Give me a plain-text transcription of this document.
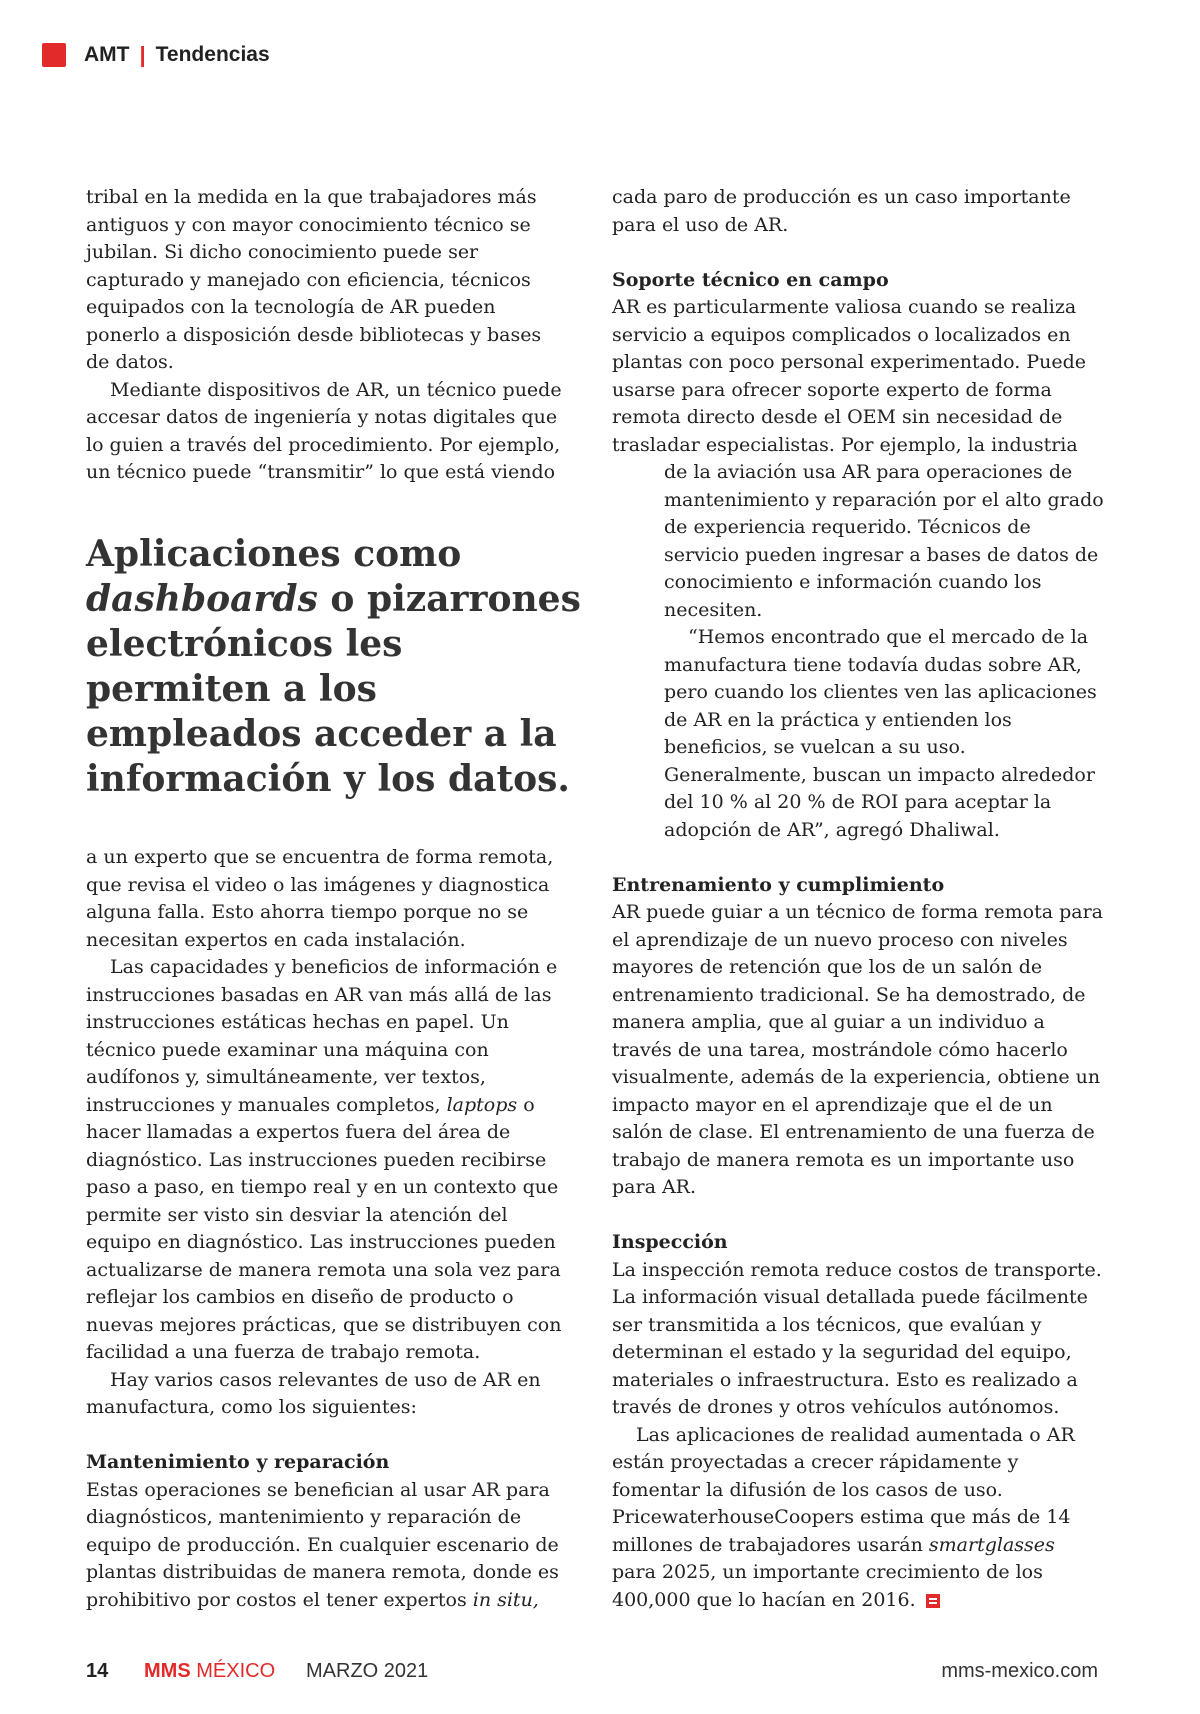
AMT | Tendencias

tribal en la medida en la que trabajadores más antiguos y con mayor conocimiento técnico se jubilan. Si dicho conocimiento puede ser capturado y manejado con eficiencia, técnicos equipados con la tecnología de AR pueden ponerlo a disposición desde bibliotecas y bases de datos.

Mediante dispositivos de AR, un técnico puede accesar datos de ingeniería y notas digitales que lo guien a través del procedimiento. Por ejemplo, un técnico puede “transmitir” lo que está viendo

Aplicaciones como
dashboards o pizarrones electrónicos les permiten a los empleados acceder a la información y los datos.

a un experto que se encuentra de forma remota, que revisa el video o las imágenes y diagnostica alguna falla. Esto ahorra tiempo porque no se necesitan expertos en cada instalación.

Las capacidades y beneficios de información e instrucciones basadas en AR van más allá de las instrucciones estáticas hechas en papel. Un técnico puede examinar una máquina con audífonos y, simultáneamente, ver textos, instrucciones y manuales completos, laptops o hacer llamadas a expertos fuera del área de diagnóstico. Las instrucciones pueden recibirse paso a paso, en tiempo real y en un contexto que permite ser visto sin desviar la atención del equipo en diagnóstico. Las instrucciones pueden actualizarse de manera remota una sola vez para reflejar los cambios en diseño de producto o nuevas mejores prácticas, que se distribuyen con facilidad a una fuerza de trabajo remota.

Hay varios casos relevantes de uso de AR en manufactura, como los siguientes:

Mantenimiento y reparación

Estas operaciones se benefician al usar AR para diagnósticos, mantenimiento y reparación de equipo de producción. En cualquier escenario de plantas distribuidas de manera remota, donde es prohibitivo por costos el tener expertos in situ,

cada paro de producción es un caso importante para el uso de AR.

Soporte técnico en campo

AR es particularmente valiosa cuando se realiza servicio a equipos complicados o localizados en plantas con poco personal experimentado. Puede usarse para ofrecer soporte experto de forma remota directo desde el OEM sin necesidad de trasladar especialistas. Por ejemplo, la industria

de la aviación usa AR para operaciones de mantenimiento y reparación por el alto grado de experiencia requerido. Técnicos de servicio pueden ingresar a bases de datos de conocimiento e información cuando los necesiten.

“Hemos encontrado que el mercado de la manufactura tiene todavía dudas sobre AR, pero cuando los clientes ven las aplicaciones de AR en la práctica y entienden los beneficios, se vuelcan a su uso. Generalmente, buscan un impacto alrededor del 10 % al 20 % de ROI para aceptar la adopción de AR”, agregó Dhaliwal.

Entrenamiento y cumplimiento

AR puede guiar a un técnico de forma remota para el aprendizaje de un nuevo proceso con niveles mayores de retención que los de un salón de entrenamiento tradicional. Se ha demostrado, de manera amplia, que al guiar a un individuo a través de una tarea, mostrándole cómo hacerlo visualmente, además de la experiencia, obtiene un impacto mayor en el aprendizaje que el de un salón de clase. El entrenamiento de una fuerza de trabajo de manera remota es un importante uso para AR.

Inspección

La inspección remota reduce costos de transporte. La información visual detallada puede fácilmente ser transmitida a los técnicos, que evalúan y determinan el estado y la seguridad del equipo, materiales o infraestructura. Esto es realizado a través de drones y otros vehículos autónomos.

Las aplicaciones de realidad aumentada o AR están proyectadas a crecer rápidamente y fomentar la difusión de los casos de uso. PricewaterhouseCoopers estima que más de 14 millones de trabajadores usarán smartglasses para 2025, un importante crecimiento de los 400,000 que lo hacían en 2016.

14 MMS MÉXICO MARZO 2021	mms-mexico.com
